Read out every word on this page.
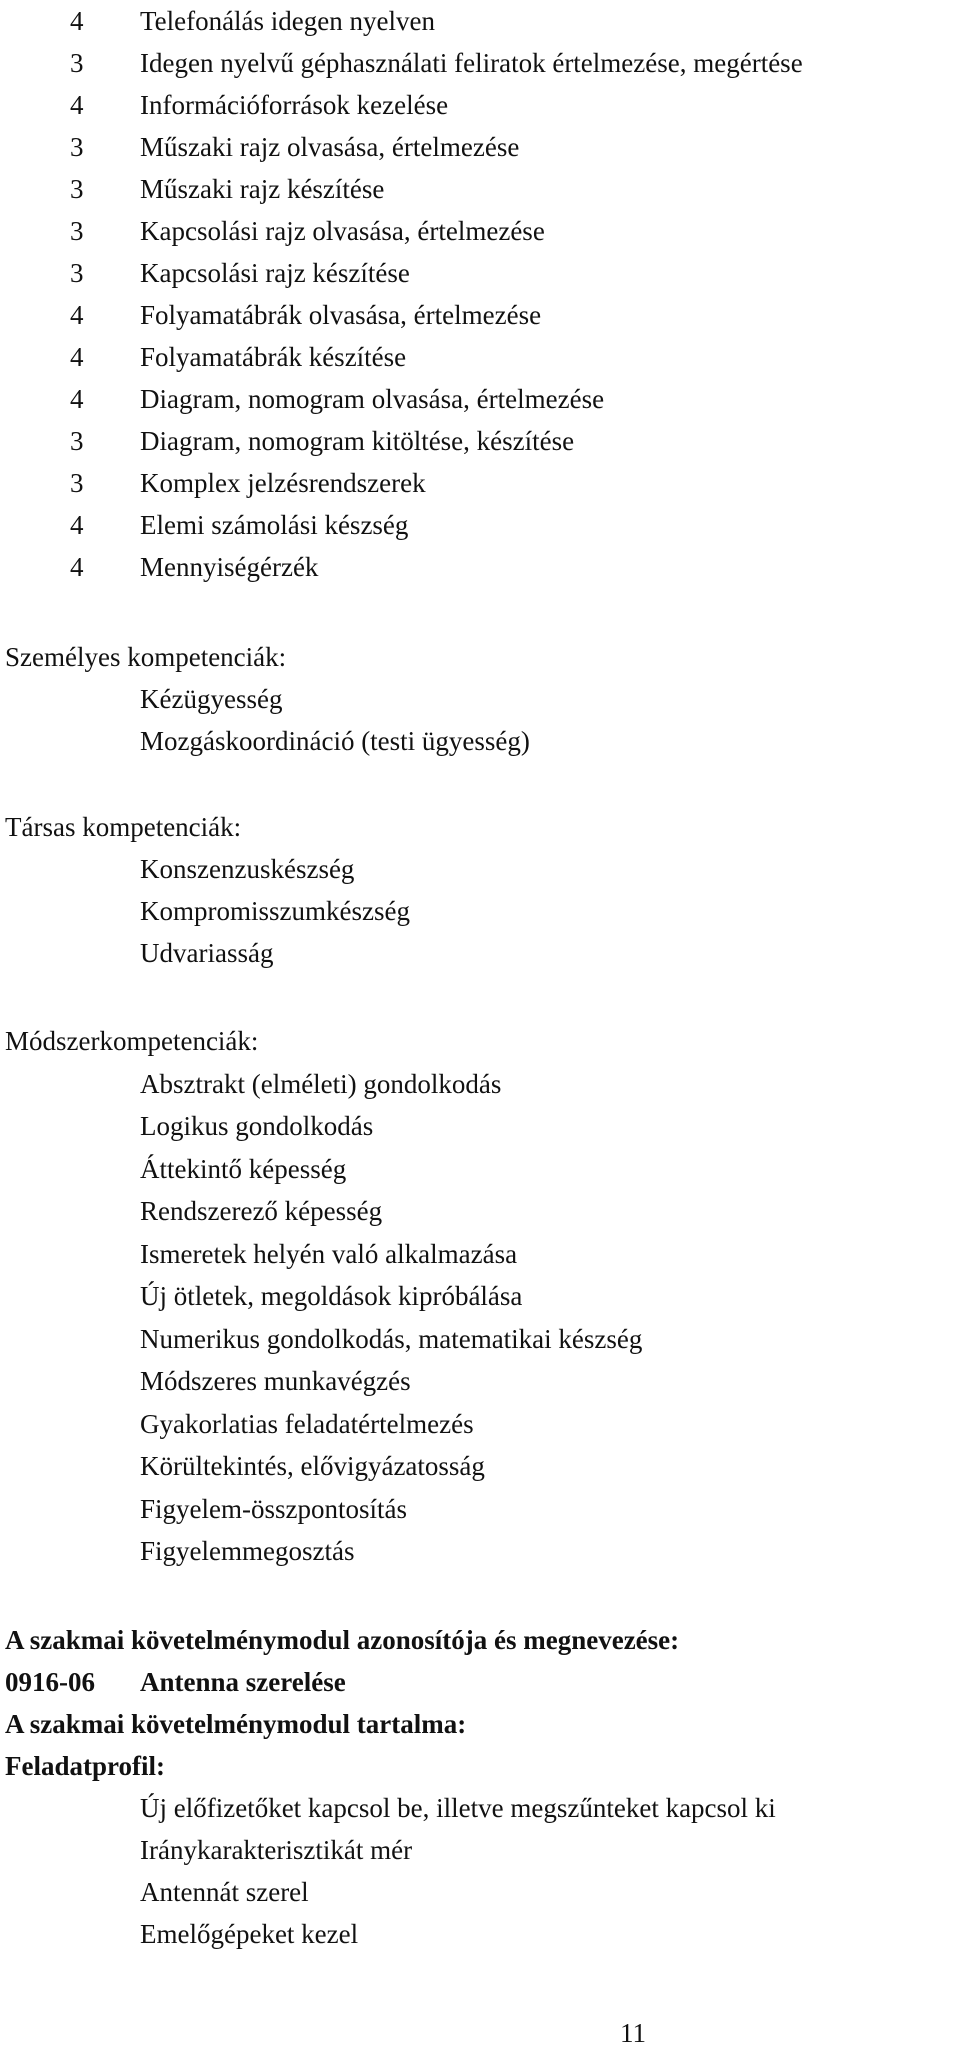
4 Telefonálás idegen nyelven
3 Idegen nyelvű géphasználati feliratok értelmezése, megértése
4 Információforrások kezelése
3 Műszaki rajz olvasása, értelmezése
3 Műszaki rajz készítése
3 Kapcsolási rajz olvasása, értelmezése
3 Kapcsolási rajz készítése
4 Folyamatábrák olvasása, értelmezése
4 Folyamatábrák készítése
4 Diagram, nomogram olvasása, értelmezése
3 Diagram, nomogram kitöltése, készítése
3 Komplex jelzésrendszerek
4 Elemi számolási készség
4 Mennyiségérzék
Személyes kompetenciák:
Kézügyesség
Mozgáskoordináció (testi ügyesség)
Társas kompetenciák:
Konszenzuskészség
Kompromisszumkészség
Udvariasság
Módszerkompetenciák:
Absztrakt (elméleti) gondolkodás
Logikus gondolkodás
Áttekintő képesség
Rendszerező képesség
Ismeretek helyén való alkalmazása
Új ötletek, megoldások kipróbálása
Numerikus gondolkodás, matematikai készség
Módszeres munkavégzés
Gyakorlatias feladatértelmezés
Körültekintés, elővigyázatosság
Figyelem-összpontosítás
Figyelemmegosztás
A szakmai követelménymodul azonosítója és megnevezése:
0916-06 Antenna szerelése
A szakmai követelménymodul tartalma:
Feladatprofil:
Új előfizetőket kapcsol be, illetve megszűnteket kapcsol ki
Iránykarakterisztikát mér
Antennát szerel
Emelőgépeket kezel
11
